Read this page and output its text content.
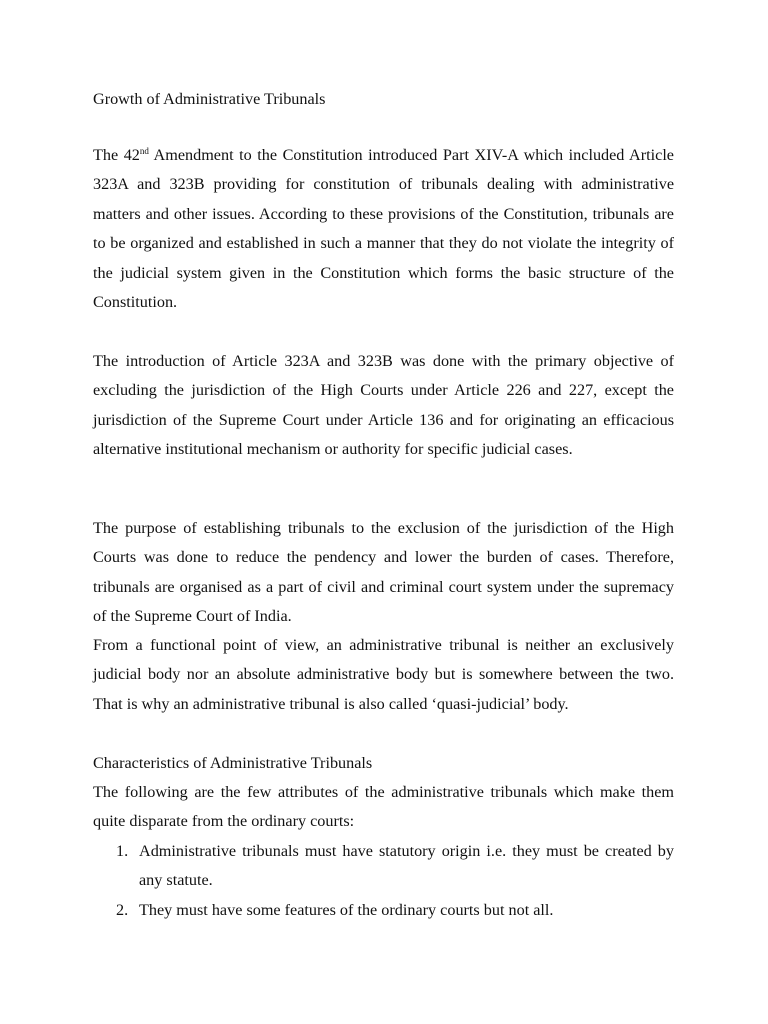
Growth of Administrative Tribunals
The 42nd Amendment to the Constitution introduced Part XIV-A which included Article 323A and 323B providing for constitution of tribunals dealing with administrative matters and other issues. According to these provisions of the Constitution, tribunals are to be organized and established in such a manner that they do not violate the integrity of the judicial system given in the Constitution which forms the basic structure of the Constitution.
The introduction of Article 323A and 323B was done with the primary objective of excluding the jurisdiction of the High Courts under Article 226 and 227, except the jurisdiction of the Supreme Court under Article 136 and for originating an efficacious alternative institutional mechanism or authority for specific judicial cases.
The purpose of establishing tribunals to the exclusion of the jurisdiction of the High Courts was done to reduce the pendency and lower the burden of cases. Therefore, tribunals are organised as a part of civil and criminal court system under the supremacy of the Supreme Court of India.
From a functional point of view, an administrative tribunal is neither an exclusively judicial body nor an absolute administrative body but is somewhere between the two. That is why an administrative tribunal is also called ‘quasi-judicial’ body.
Characteristics of Administrative Tribunals
The following are the few attributes of the administrative tribunals which make them quite disparate from the ordinary courts:
1. Administrative tribunals must have statutory origin i.e. they must be created by any statute.
2. They must have some features of the ordinary courts but not all.
